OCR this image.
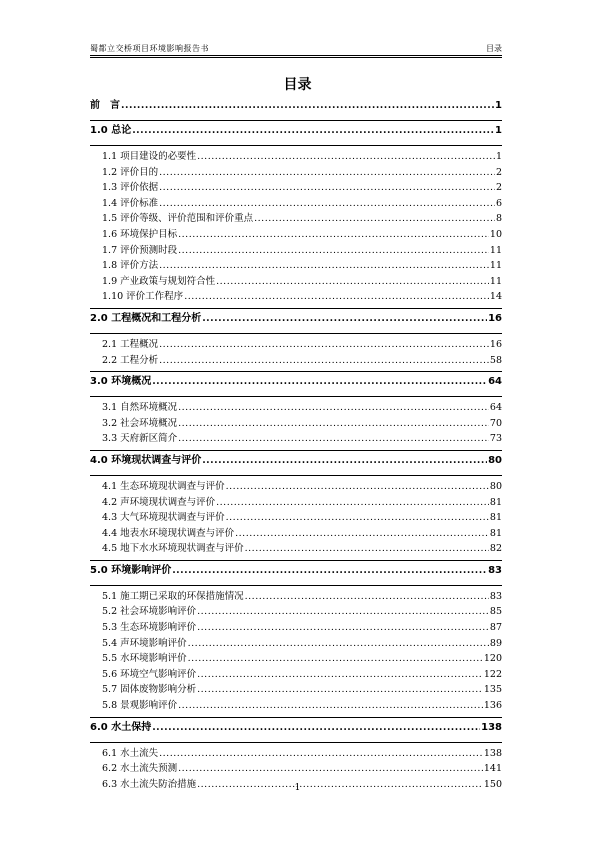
蜀都立交桥项目环境影响报告书	目录
目录
前　言 .....	1
1.0 总论 .....	1
1.1 项目建设的必要性 .....	1
1.2 评价目的 .....	2
1.3 评价依据 .....	2
1.4 评价标准 .....	6
1.5 评价等级、评价范围和评价重点 .....	8
1.6 环境保护目标 .....	10
1.7 评价预测时段 .....	11
1.8 评价方法 .....	11
1.9 产业政策与规划符合性 .....	11
1.10 评价工作程序 .....	14
2.0 工程概况和工程分析 .....	16
2.1 工程概况 .....	16
2.2 工程分析 .....	58
3.0 环境概况 .....	64
3.1 自然环境概况 .....	64
3.2 社会环境概况 .....	70
3.3 天府新区简介 .....	73
4.0 环境现状调查与评价 .....	80
4.1 生态环境现状调查与评价 .....	80
4.2 声环境现状调查与评价 .....	81
4.3 大气环境现状调查与评价 .....	81
4.4 地表水环境现状调查与评价 .....	81
4.5 地下水水环境现状调查与评价 .....	82
5.0 环境影响评价 .....	83
5.1 施工期已采取的环保措施情况 .....	83
5.2 社会环境影响评价 .....	85
5.3 生态环境影响评价 .....	87
5.4 声环境影响评价 .....	89
5.5 水环境影响评价 .....	120
5.6 环境空气影响评价 .....	122
5.7 固体废物影响分析 .....	135
5.8 景观影响评价 .....	136
6.0 水土保持 .....	138
6.1 水土流失 .....	138
6.2 水土流失预测 .....	141
6.3 水土流失防治措施 .....	150
1
